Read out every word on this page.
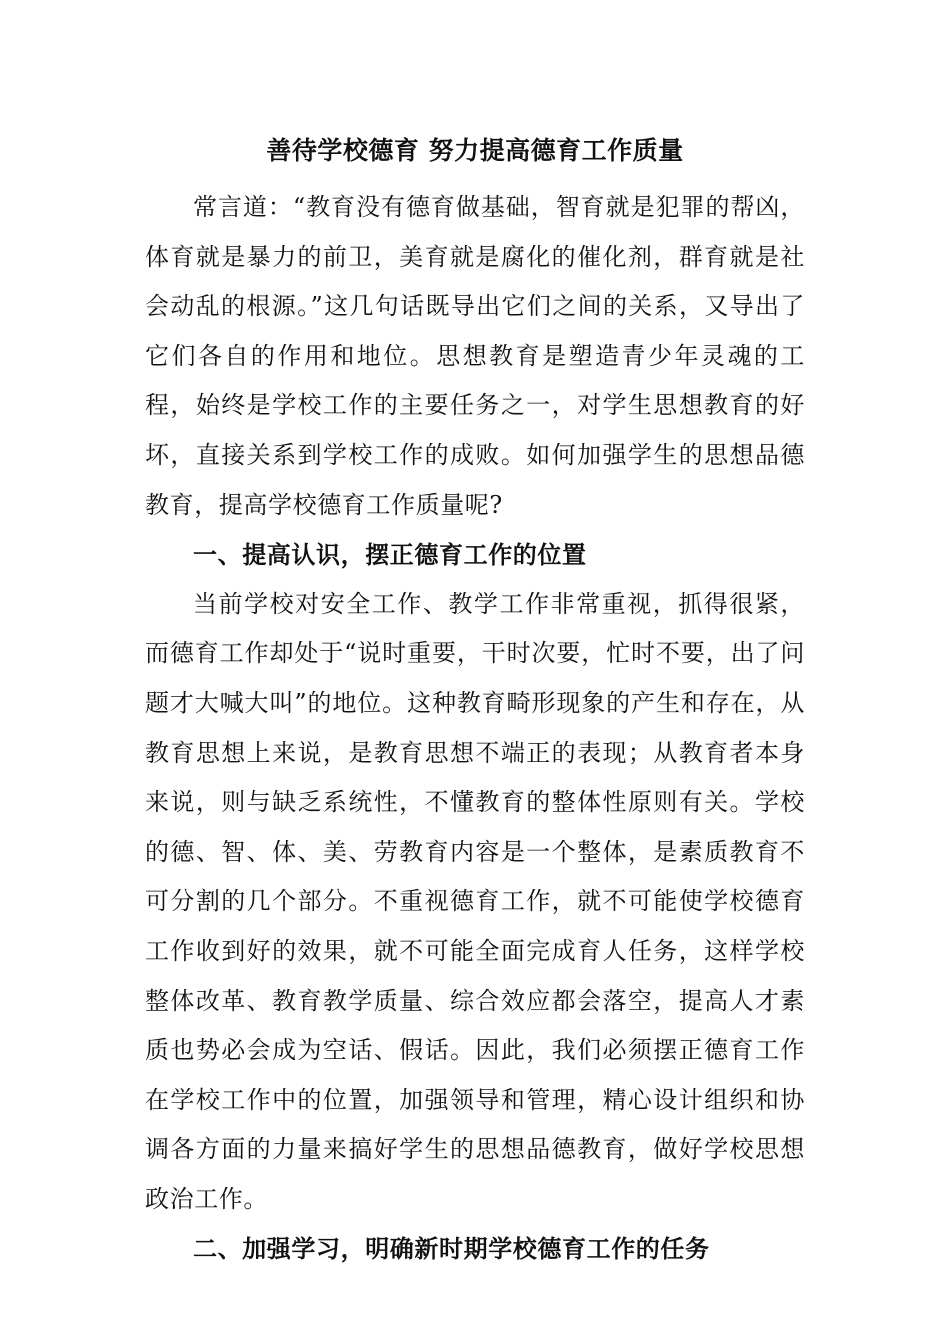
善待学校德育 努力提高德育工作质量

常言道：“教育没有德育做基础，智育就是犯罪的帮凶，体育就是暴力的前卫，美育就是腐化的催化剂，群育就是社会动乱的根源。”这几句话既导出它们之间的关系，又导出了它们各自的作用和地位。思想教育是塑造青少年灵魂的工程，始终是学校工作的主要任务之一，对学生思想教育的好坏，直接关系到学校工作的成败。如何加强学生的思想品德教育，提高学校德育工作质量呢?

一、提高认识，摆正德育工作的位置

当前学校对安全工作、教学工作非常重视，抓得很紧，而德育工作却处于“说时重要，干时次要，忙时不要，出了问题才大喊大叫”的地位。这种教育畸形现象的产生和存在，从教育思想上来说，是教育思想不端正的表现；从教育者本身来说，则与缺乏系统性，不懂教育的整体性原则有关。学校的德、智、体、美、劳教育内容是一个整体，是素质教育不可分割的几个部分。不重视德育工作，就不可能使学校德育工作收到好的效果，就不可能全面完成育人任务，这样学校整体改革、教育教学质量、综合效应都会落空，提高人才素质也势必会成为空话、假话。因此，我们必须摆正德育工作在学校工作中的位置，加强领导和管理，精心设计组织和协调各方面的力量来搞好学生的思想品德教育，做好学校思想政治工作。

二、加强学习，明确新时期学校德育工作的任务
